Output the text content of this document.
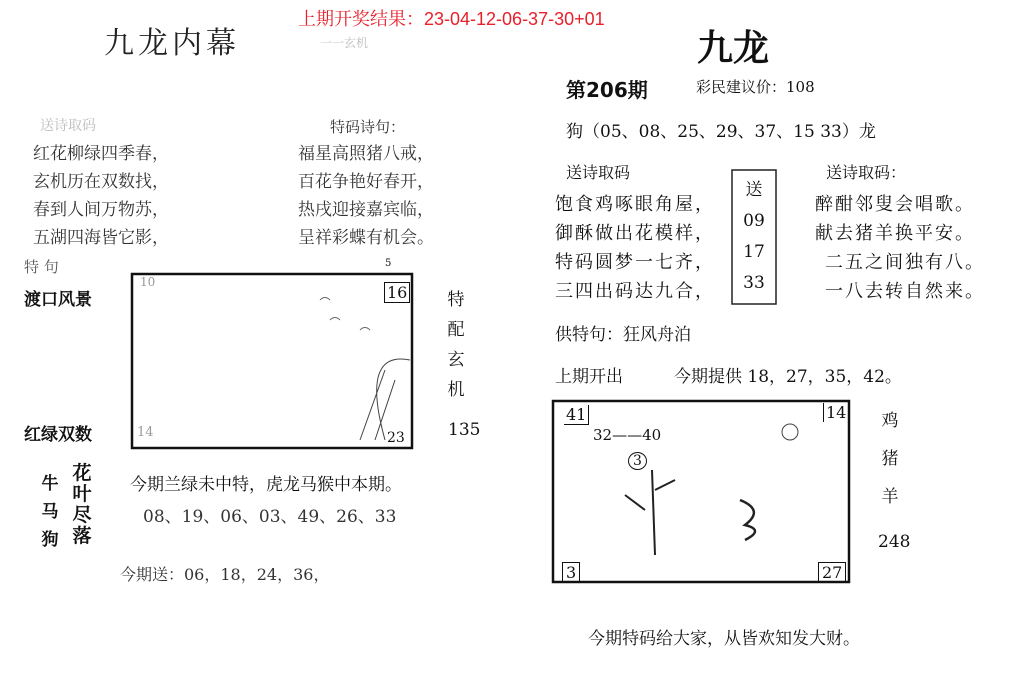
上期开奖结果：23-04-12-06-37-30+01
九龙内幕	一一玄机
送诗取码
红花柳绿四季春，
玄机历在双数找，
春到人间万物苏，
五湖四海皆它影，
特码诗句：
福星高照猪八戒，
百花争艳好春开，
热戌迎接嘉宾临，
呈祥彩蝶有机会。
特 句
渡口风景
红绿双数
10
5
16
14	23
特
配
玄
机
135
牛
马
狗
花
叶
尽
落
今期兰绿未中特，虎龙马猴中本期。
08、19、06、03、49、26、33
今期送：06，18，24，36，
九龙
第206期	彩民建议价：108
狗（05、08、25、29、37、15 33）龙
送诗取码
饱食鸡啄眼角屋，
御酥做出花模样，
特码圆梦一七齐，
三四出码达九合，
送
09
17
33
送诗取码：
醉酣邻叟会唱歌。
献去猪羊换平安。
二五之间独有八。
一八去转自然来。
供特句：狂风舟泊
上期开出	今期提供 18，27，35，42。
41	14
32——40
3
3	27
鸡
猪
羊
248
今期特码给大家，从皆欢知发大财。
